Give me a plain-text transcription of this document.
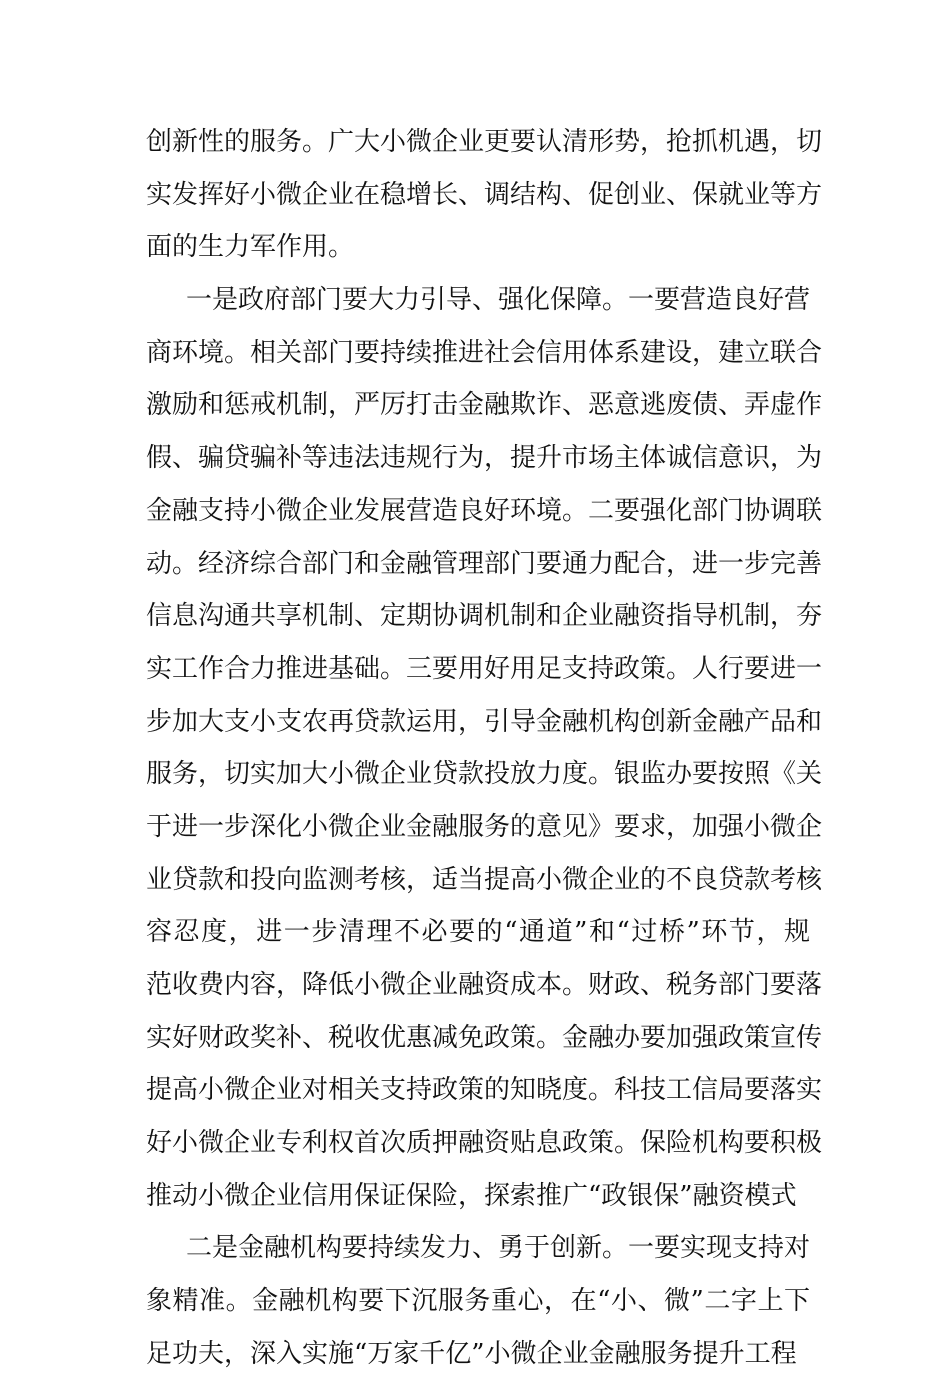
创新性的服务。广大小微企业更要认清形势，抢抓机遇，切
实发挥好小微企业在稳增长、调结构、促创业、保就业等方
面的生力军作用。
一是政府部门要大力引导、强化保障。一要营造良好营
商环境。相关部门要持续推进社会信用体系建设，建立联合
激励和惩戒机制，严厉打击金融欺诈、恶意逃废债、弄虚作
假、骗贷骗补等违法违规行为，提升市场主体诚信意识，为
金融支持小微企业发展营造良好环境。二要强化部门协调联
动。经济综合部门和金融管理部门要通力配合，进一步完善
信息沟通共享机制、定期协调机制和企业融资指导机制，夯
实工作合力推进基础。三要用好用足支持政策。人行要进一
步加大支小支农再贷款运用，引导金融机构创新金融产品和
服务，切实加大小微企业贷款投放力度。银监办要按照《关
于进一步深化小微企业金融服务的意见》要求，加强小微企
业贷款和投向监测考核，适当提高小微企业的不良贷款考核
容忍度，进一步清理不必要的“通道”和“过桥”环节，规
范收费内容，降低小微企业融资成本。财政、税务部门要落
实好财政奖补、税收优惠减免政策。金融办要加强政策宣传
提高小微企业对相关支持政策的知晓度。科技工信局要落实
好小微企业专利权首次质押融资贴息政策。保险机构要积极
推动小微企业信用保证保险，探索推广“政银保”融资模式
二是金融机构要持续发力、勇于创新。一要实现支持对
象精准。金融机构要下沉服务重心，在“小、微”二字上下
足功夫，深入实施“万家千亿”小微企业金融服务提升工程
